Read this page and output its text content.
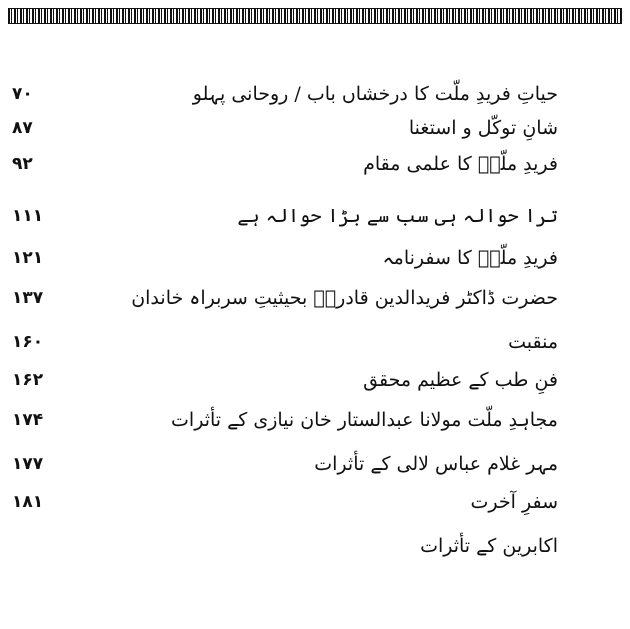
حیاتِ فریدِ ملّت کا درخشاں باب / روحانی پہلو
۷۰
شانِ توکّل و استغنا
۸۷
فریدِ ملّتؒ کا علمی مقام
۹۲
ترا حوالہ ہی سب سے بڑا حوالہ ہے
۱۱۱
فریدِ ملّتؒ کا سفرنامہ
۱۲۱
حضرت ڈاکٹر فریدالدین قادریؒ بحیثیتِ سربراہ خاندان
۱۳۷
منقبت
۱۶۰
فنِ طب کے عظیم محقق
۱۶۲
مجاہدِ ملّت مولانا عبدالستار خان نیازی کے تأثرات
۱۷۴
مہر غلام عباس لالی کے تأثرات
۱۷۷
سفرِ آخرت
۱۸۱
اکابرین کے تأثرات
